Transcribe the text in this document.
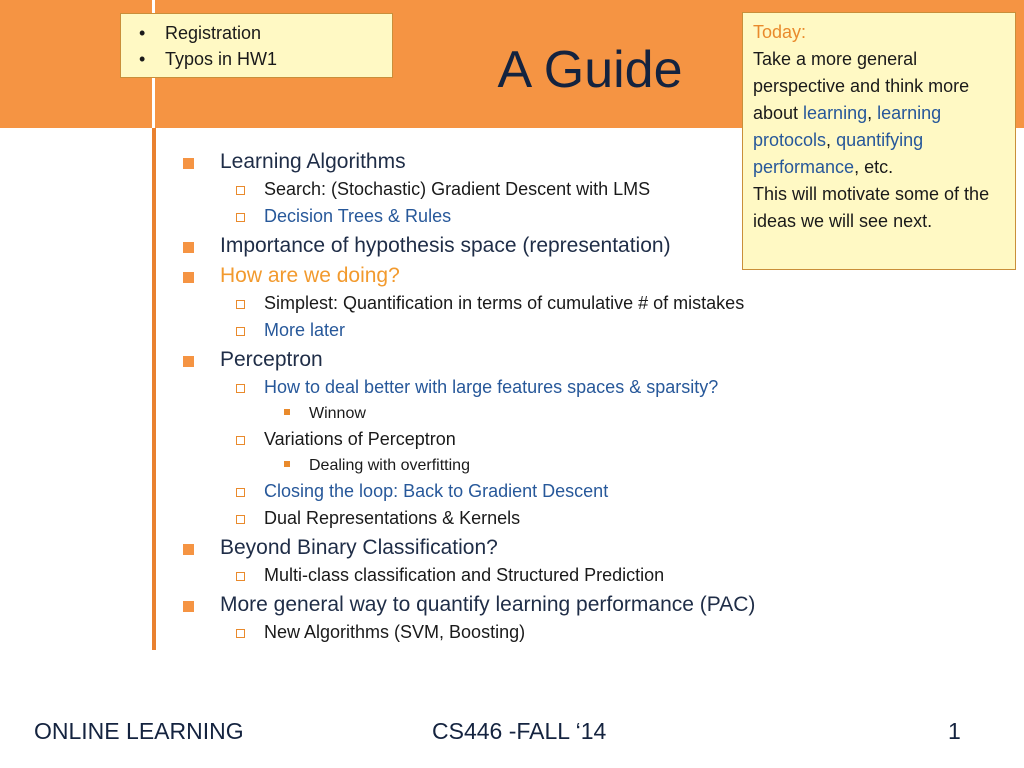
A Guide
• Registration
• Typos in HW1
Today:
Take a more general perspective and think more about learning, learning protocols, quantifying performance, etc.
This will motivate some of the ideas we will see next.
Learning Algorithms
Search: (Stochastic) Gradient Descent with LMS
Decision Trees & Rules
Importance of hypothesis space (representation)
How are we doing?
Simplest: Quantification in terms of cumulative # of mistakes
More later
Perceptron
How to deal better with large features spaces & sparsity?
Winnow
Variations of Perceptron
Dealing with overfitting
Closing the loop: Back to Gradient Descent
Dual Representations & Kernels
Beyond Binary Classification?
Multi-class classification and Structured Prediction
More general way to quantify learning performance (PAC)
New Algorithms (SVM, Boosting)
ONLINE LEARNING	CS446 -FALL ‘14	1
